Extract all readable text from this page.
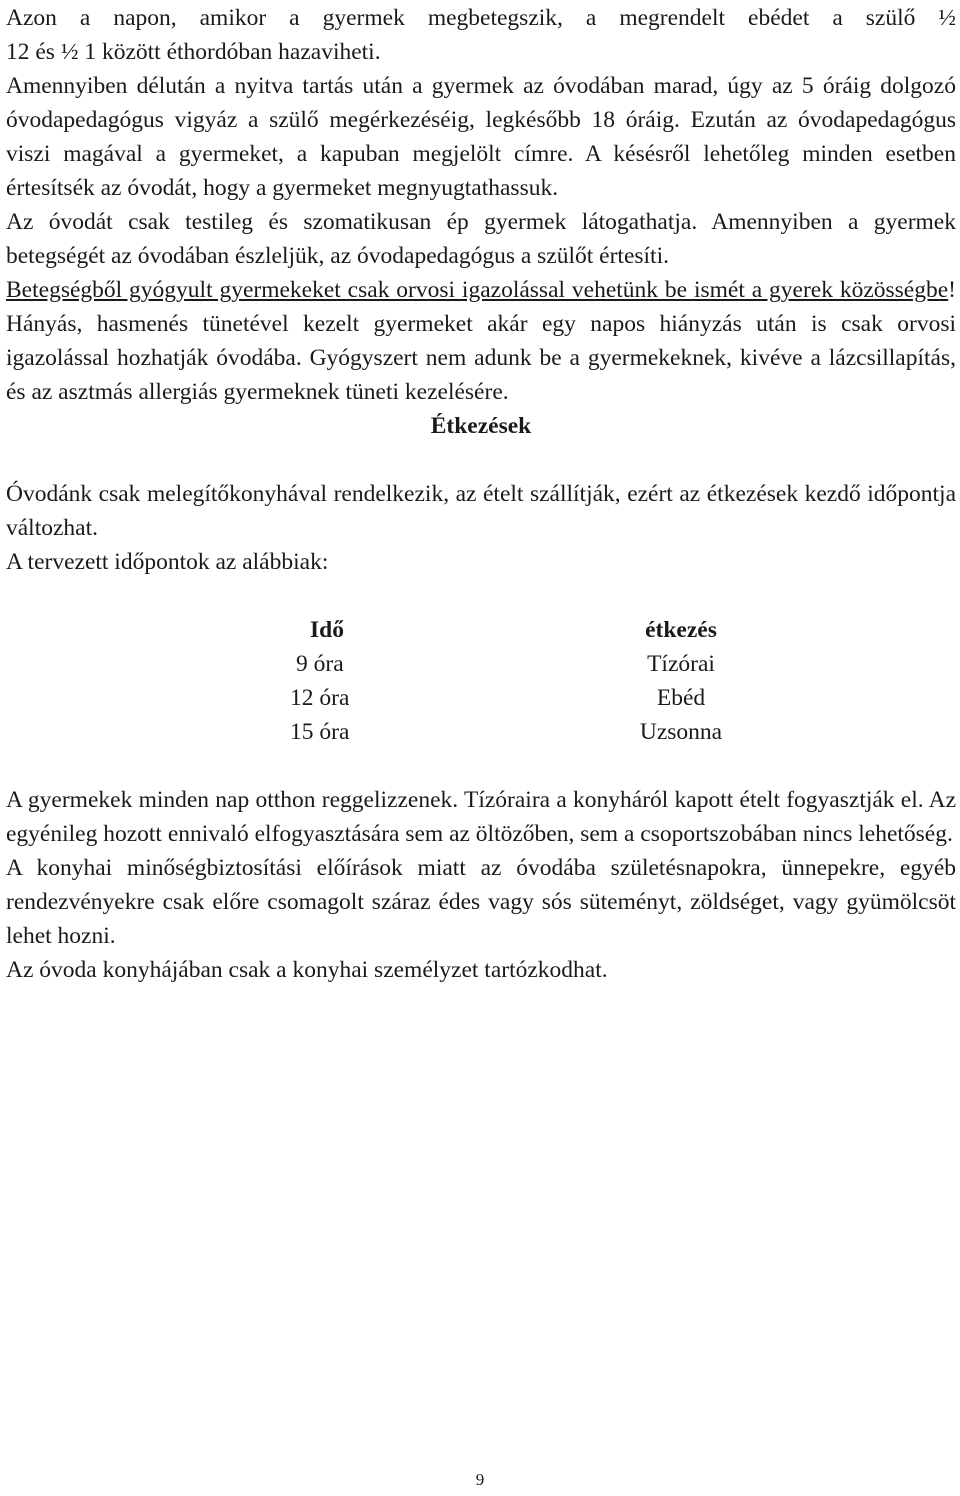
Azon a napon, amikor a gyermek megbetegszik, a megrendelt ebédet a szülő ½
12 és ½ 1 között éthordóban hazaviheti.

Amennyiben délután a nyitva tartás után a gyermek az óvodában marad, úgy az 5 óráig dolgozó óvodapedagógus vigyáz a szülő megérkezéséig, legkésőbb 18 óráig. Ezután az óvodapedagógus viszi magával a gyermeket, a kapuban megjelölt címre. A késésről lehetőleg minden esetben értesítsék az óvodát, hogy a gyermeket megnyugtathassuk.

Az óvodát csak testileg és szomatikusan ép gyermek látogathatja. Amennyiben a gyermek betegségét az óvodában észleljük, az óvodapedagógus a szülőt értesíti.

Betegségből gyógyult gyermekeket csak orvosi igazolással vehetünk be ismét a gyerek közösségbe! Hányás, hasmenés tünetével kezelt gyermeket akár egy napos hiányzás után is csak orvosi igazolással hozhatják óvodába. Gyógyszert nem adunk be a gyermekeknek, kivéve a lázcsillapítás, és az asztmás allergiás gyermeknek tüneti kezelésére.

Étkezések

Óvodánk csak melegítőkonyhával rendelkezik, az ételt szállítják, ezért az étkezések kezdő időpontja változhat.

A tervezett időpontok az alábbiak:

	Idő	étkezés	
	9 óra	Tízórai	
	12 óra	Ebéd	
	15 óra	Uzsonna	

A gyermekek minden nap otthon reggelizzenek. Tízóraira a konyháról kapott ételt fogyasztják el. Az egyénileg hozott ennivaló elfogyasztására sem az öltözőben, sem a csoportszobában nincs lehetőség.

A konyhai minőségbiztosítási előírások miatt az óvodába születésnapokra, ünnepekre, egyéb rendezvényekre csak előre csomagolt száraz édes vagy sós süteményt, zöldséget, vagy gyümölcsöt lehet hozni.

Az óvoda konyhájában csak a konyhai személyzet tartózkodhat.

9
